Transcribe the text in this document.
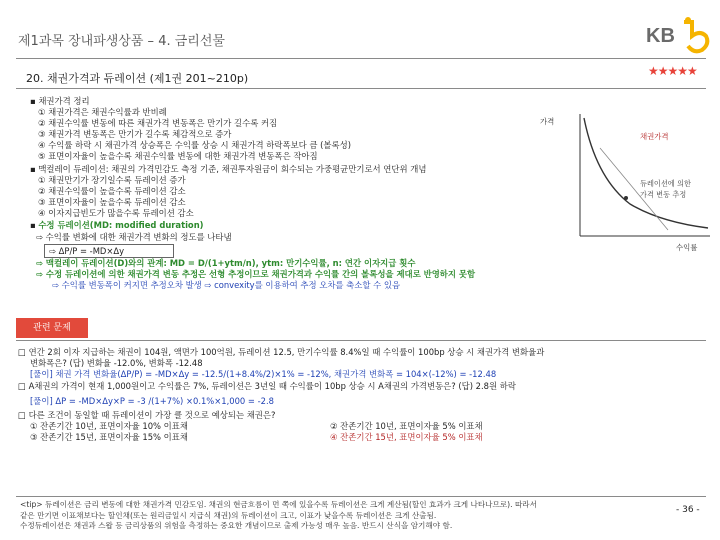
제1과목 장내파생상품 – 4. 금리선물	KB
20. 채권가격과 듀레이션 (제1권 201~210p)
★★★★★
▪ 채권가격 정리
① 채권가격은 채권수익률과 반비례
② 채권수익률 변동에 따른 채권가격 변동폭은 만기가 길수록 커짐
③ 채권가격 변동폭은 만기가 길수록 체감적으로 증가
④ 수익률 하락 시 채권가격 상승폭은 수익률 상승 시 채권가격 하락폭보다 큼 (볼록성)
⑤ 표면이자율이 높을수록 채권수익률 변동에 대한 채권가격 변동폭은 작아짐
▪ 맥컬레이 듀레이션: 채권의 가격민감도 측정 기준, 채권투자원금이 회수되는 가중평균만기로서 연단위 개념
① 채권만기가 장기일수록 듀레이션 증가
② 채권수익률이 높을수록 듀레이션 감소
③ 표면이자율이 높을수록 듀레이션 감소
④ 이자지급빈도가 많을수록 듀레이션 감소
▪ 수정 듀레이션(MD: modified duration)
⇨ 수익률 변화에 대한 채권가격 변화의 정도를 나타냄
⇨ ΔP/P = -MD×Δy
⇨ 맥컬레이 듀레이션(D)와의 관계: MD = D/(1+ytm/n), ytm: 만기수익률, n: 연간 이자지급 횟수
⇨ 수정 듀레이션에 의한 채권가격 변동 추정은 선형 추정이므로 채권가격과 수익률 간의 볼록성을 제대로 반영하지 못함
⇨ 수익률 변동폭이 커지면 추정오차 발생 ⇨ convexity를 이용하여 추정 오차를 축소할 수 있음
가격
채권가격
듀레이션에 의한
가격 변동 추정
수익률
관련 문제
□ 연간 2회 이자 지급하는 채권이 104원, 액면가 100억원, 듀레이션 12.5, 만기수익률 8.4%일 때 수익률이 100bp 상승 시 채권가격 변화율과
변화폭은? (답) 변화율 -12.0%, 변화폭 -12.48
[풀이] 채권 가격 변화율(ΔP/P) = -MD×Δy = -12.5/(1+8.4%/2)×1% = -12%, 채권가격 변화폭 = 104×(-12%) = -12.48
□ A채권의 가격이 현재 1,000원이고 수익률은 7%, 듀레이션은 3년일 때 수익률이 10bp 상승 시 A채권의 가격변동은? (답) 2.8원 하락
[풀이] ΔP = -MD×Δy×P = -3 /(1+7%) ×0.1%×1,000 = -2.8
□ 다른 조건이 동일할 때 듀레이션이 가장 클 것으로 예상되는 채권은?
① 잔존기간 10년, 표면이자율 10% 이표채	② 잔존기간 10년, 표면이자율 5% 이표채
③ 잔존기간 15년, 표면이자율 15% 이표채	④ 잔존기간 15년, 표면이자율 5% 이표채
<tip> 듀레이션은 금리 변동에 대한 채권가격 민감도임. 채권의 현금흐름이 먼 쪽에 있을수록 듀레이션은 크게 계산됨(할인 효과가 크게 나타나므로). 따라서
같은 만기면 이표채보다는 할인채(또는 원리금일시 지급식 채권)의 듀레이션이 크고, 이표가 낮을수록 듀레이션은 크게 산출됨.
수정듀레이션은 채권과 스왑 등 금리상품의 위험을 측정하는 중요한 개념이므로 출제 가능성 매우 높음. 반드시 산식을 암기해야 함.
- 36 -
